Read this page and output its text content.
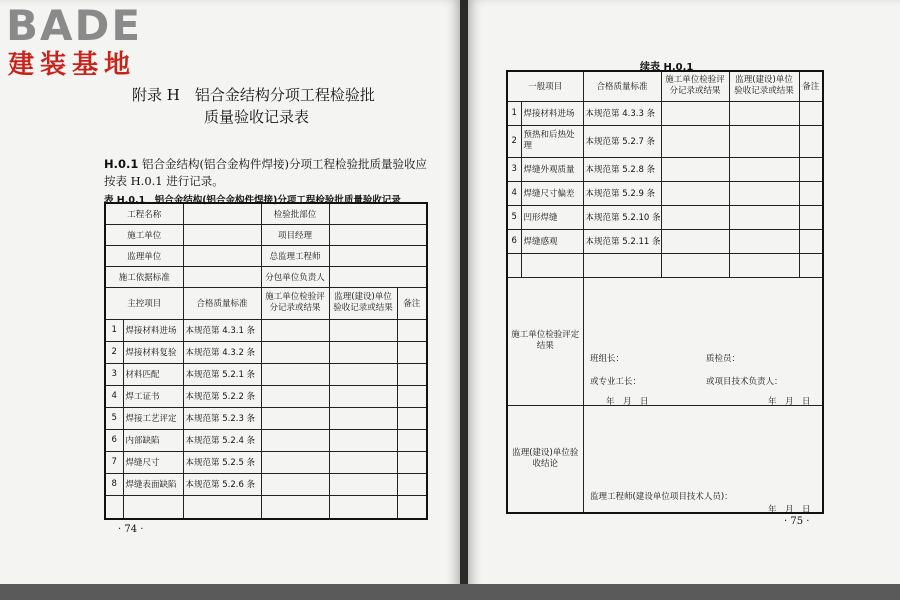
BADE
建装基地
附录 H　铝合金结构分项工程检验批
质量验收记录表
H.0.1 铝合金结构(铝合金构件焊接)分项工程检验批质量验收应按表 H.0.1 进行记录。
表 H.0.1　铝合金结构(铝合金构件焊接)分项工程检验批质量验收记录
工程名称			检验批部位		
施工单位			项目经理		
监理单位			总监理工程师		
施工依据标准			分包单位负责人		
主控项目		合格质量标准	施工单位检验评分记录或结果	监理(建设)单位验收记录或结果	备注
1	焊接材料进场	本规范第 4.3.1 条			
2	焊接材料复验	本规范第 4.3.2 条			
3	材料匹配	本规范第 5.2.1 条			
4	焊工证书	本规范第 5.2.2 条			
5	焊接工艺评定	本规范第 5.2.3 条			
6	内部缺陷	本规范第 5.2.4 条			
7	焊缝尺寸	本规范第 5.2.5 条			
8	焊缝表面缺陷	本规范第 5.2.6 条			

· 74 ·
续表 H.0.1
一般项目		合格质量标准	施工单位检验评分记录或结果	监理(建设)单位验收记录或结果	备注
1	焊接材料进场	本规范第 4.3.3 条			
2	预热和后热处理	本规范第 5.2.7 条			
3	焊缝外观质量	本规范第 5.2.8 条			
4	焊缝尺寸偏差	本规范第 5.2.9 条			
5	凹形焊缝	本规范第 5.2.10 条			
6	焊缝感观	本规范第 5.2.11 条			

施工单位检验评定结果					
监理(建设)单位验收结论					
班组长：	质检员：
或专业工长：	或项目技术负责人：
年　月　日	年　月　日
监理工程师(建设单位项目技术人员)：
年　月　日
· 75 ·
